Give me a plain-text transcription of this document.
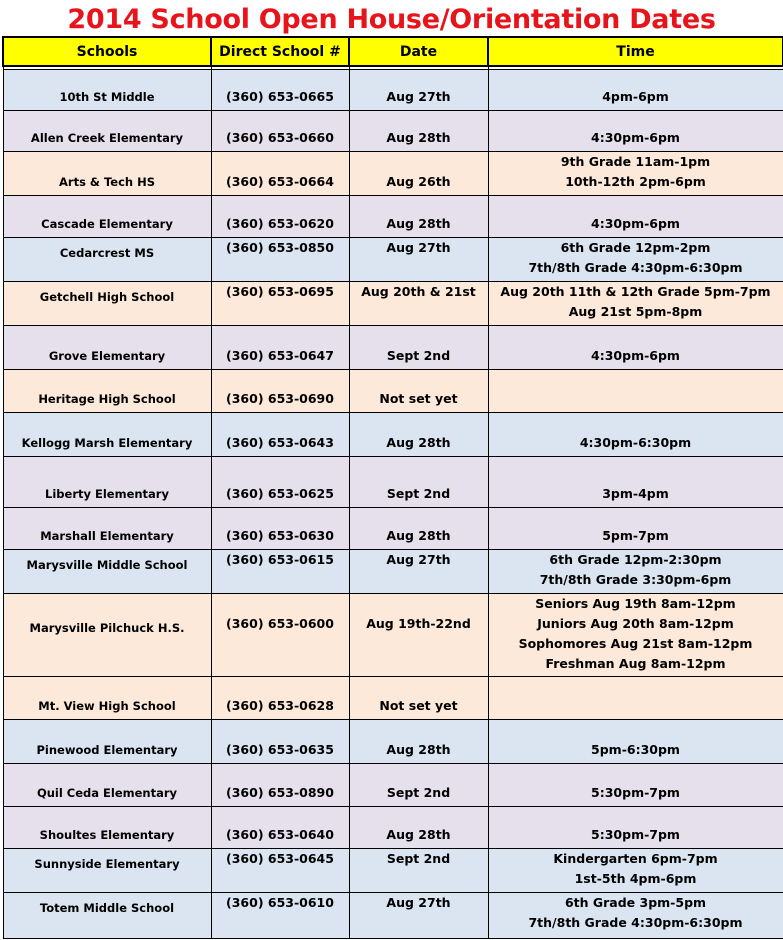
2014 School Open House/Orientation Dates
Schools	Direct School #	Date	Time

10th St Middle	(360) 653-0665	Aug 27th	4pm-6pm

Allen Creek Elementary	(360) 653-0660	Aug 28th	4:30pm-6pm

Arts & Tech HS	(360) 653-0664	Aug 26th	9th Grade 11am-1pm
10th-12th 2pm-6pm

Cascade Elementary	(360) 653-0620	Aug 28th	4:30pm-6pm

Cedarcrest MS	(360) 653-0850	Aug 27th	6th Grade 12pm-2pm
7th/8th Grade 4:30pm-6:30pm

Getchell High School	(360) 653-0695	Aug 20th & 21st	Aug 20th 11th & 12th Grade 5pm-7pm
Aug 21st 5pm-8pm

Grove Elementary	(360) 653-0647	Sept 2nd	4:30pm-6pm

Heritage High School	(360) 653-0690	Not set yet	
Kellogg Marsh Elementary	(360) 653-0643	Aug 28th	4:30pm-6:30pm

Liberty Elementary	(360) 653-0625	Sept 2nd	3pm-4pm

Marshall Elementary	(360) 653-0630	Aug 28th	5pm-7pm

Marysville Middle School	(360) 653-0615	Aug 27th	6th Grade 12pm-2:30pm
7th/8th Grade 3:30pm-6pm

Marysville Pilchuck H.S.	(360) 653-0600	Aug 19th-22nd	Seniors Aug 19th 8am-12pm
Juniors Aug 20th 8am-12pm
Sophomores Aug 21st 8am-12pm
Freshman Aug 8am-12pm

Mt. View High School	(360) 653-0628	Not set yet	
Pinewood Elementary	(360) 653-0635	Aug 28th	5pm-6:30pm

Quil Ceda Elementary	(360) 653-0890	Sept 2nd	5:30pm-7pm

Shoultes Elementary	(360) 653-0640	Aug 28th	5:30pm-7pm

Sunnyside Elementary	(360) 653-0645	Sept 2nd	Kindergarten 6pm-7pm
1st-5th 4pm-6pm

Totem Middle School	(360) 653-0610	Aug 27th	6th Grade 3pm-5pm
7th/8th Grade 4:30pm-6:30pm
